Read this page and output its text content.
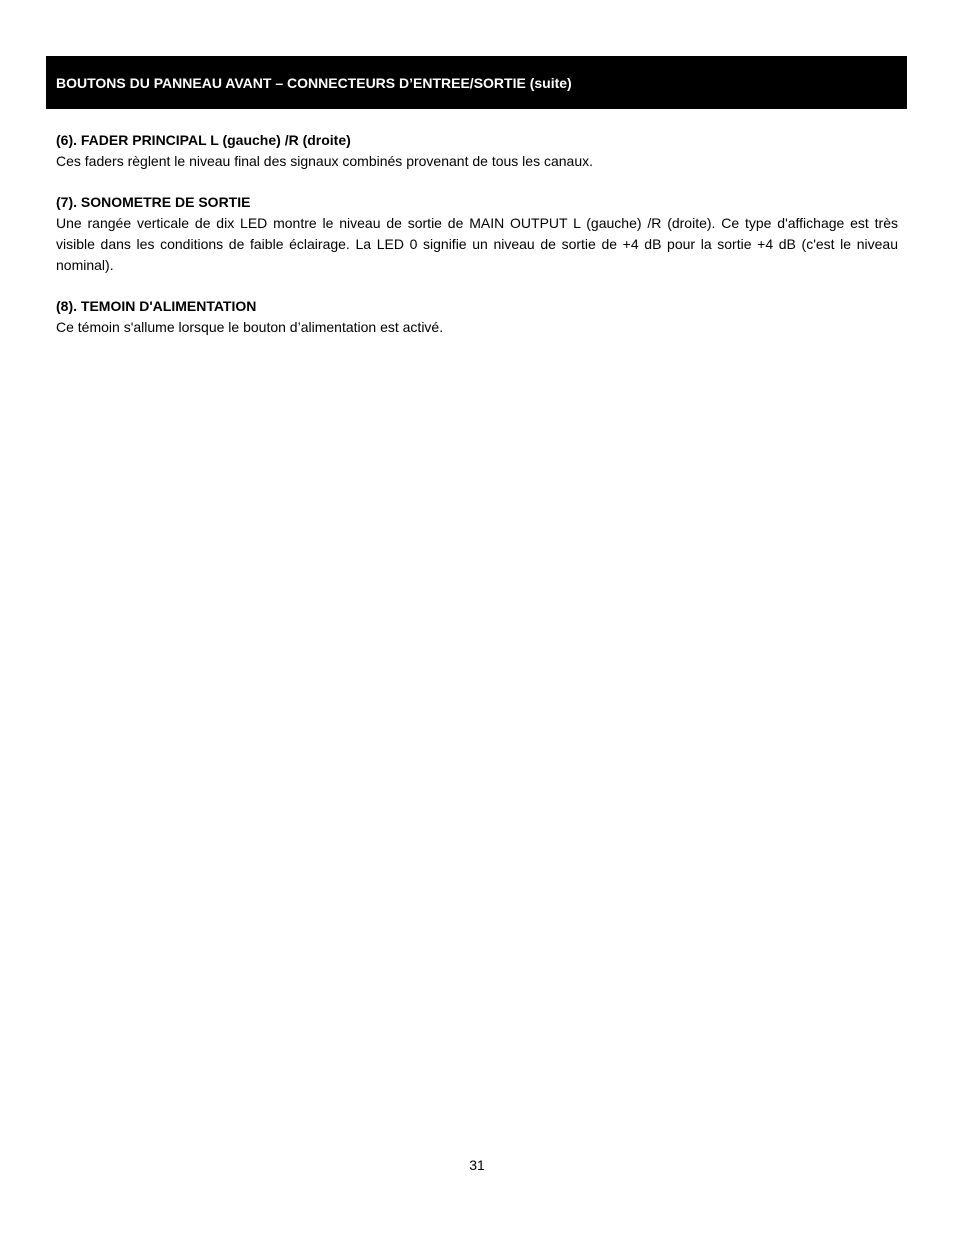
BOUTONS DU PANNEAU AVANT – CONNECTEURS D’ENTREE/SORTIE (suite)
(6). FADER PRINCIPAL L (gauche) /R (droite)
Ces faders règlent le niveau final des signaux combinés provenant de tous les canaux.
(7). SONOMETRE DE SORTIE
Une rangée verticale de dix LED montre le niveau de sortie de MAIN OUTPUT L (gauche) /R (droite). Ce type d'affichage est très visible dans les conditions de faible éclairage. La LED 0 signifie un niveau de sortie de +4 dB pour la sortie +4 dB (c'est le niveau nominal).
(8). TEMOIN D'ALIMENTATION
Ce témoin s'allume lorsque le bouton d’alimentation est activé.
31
